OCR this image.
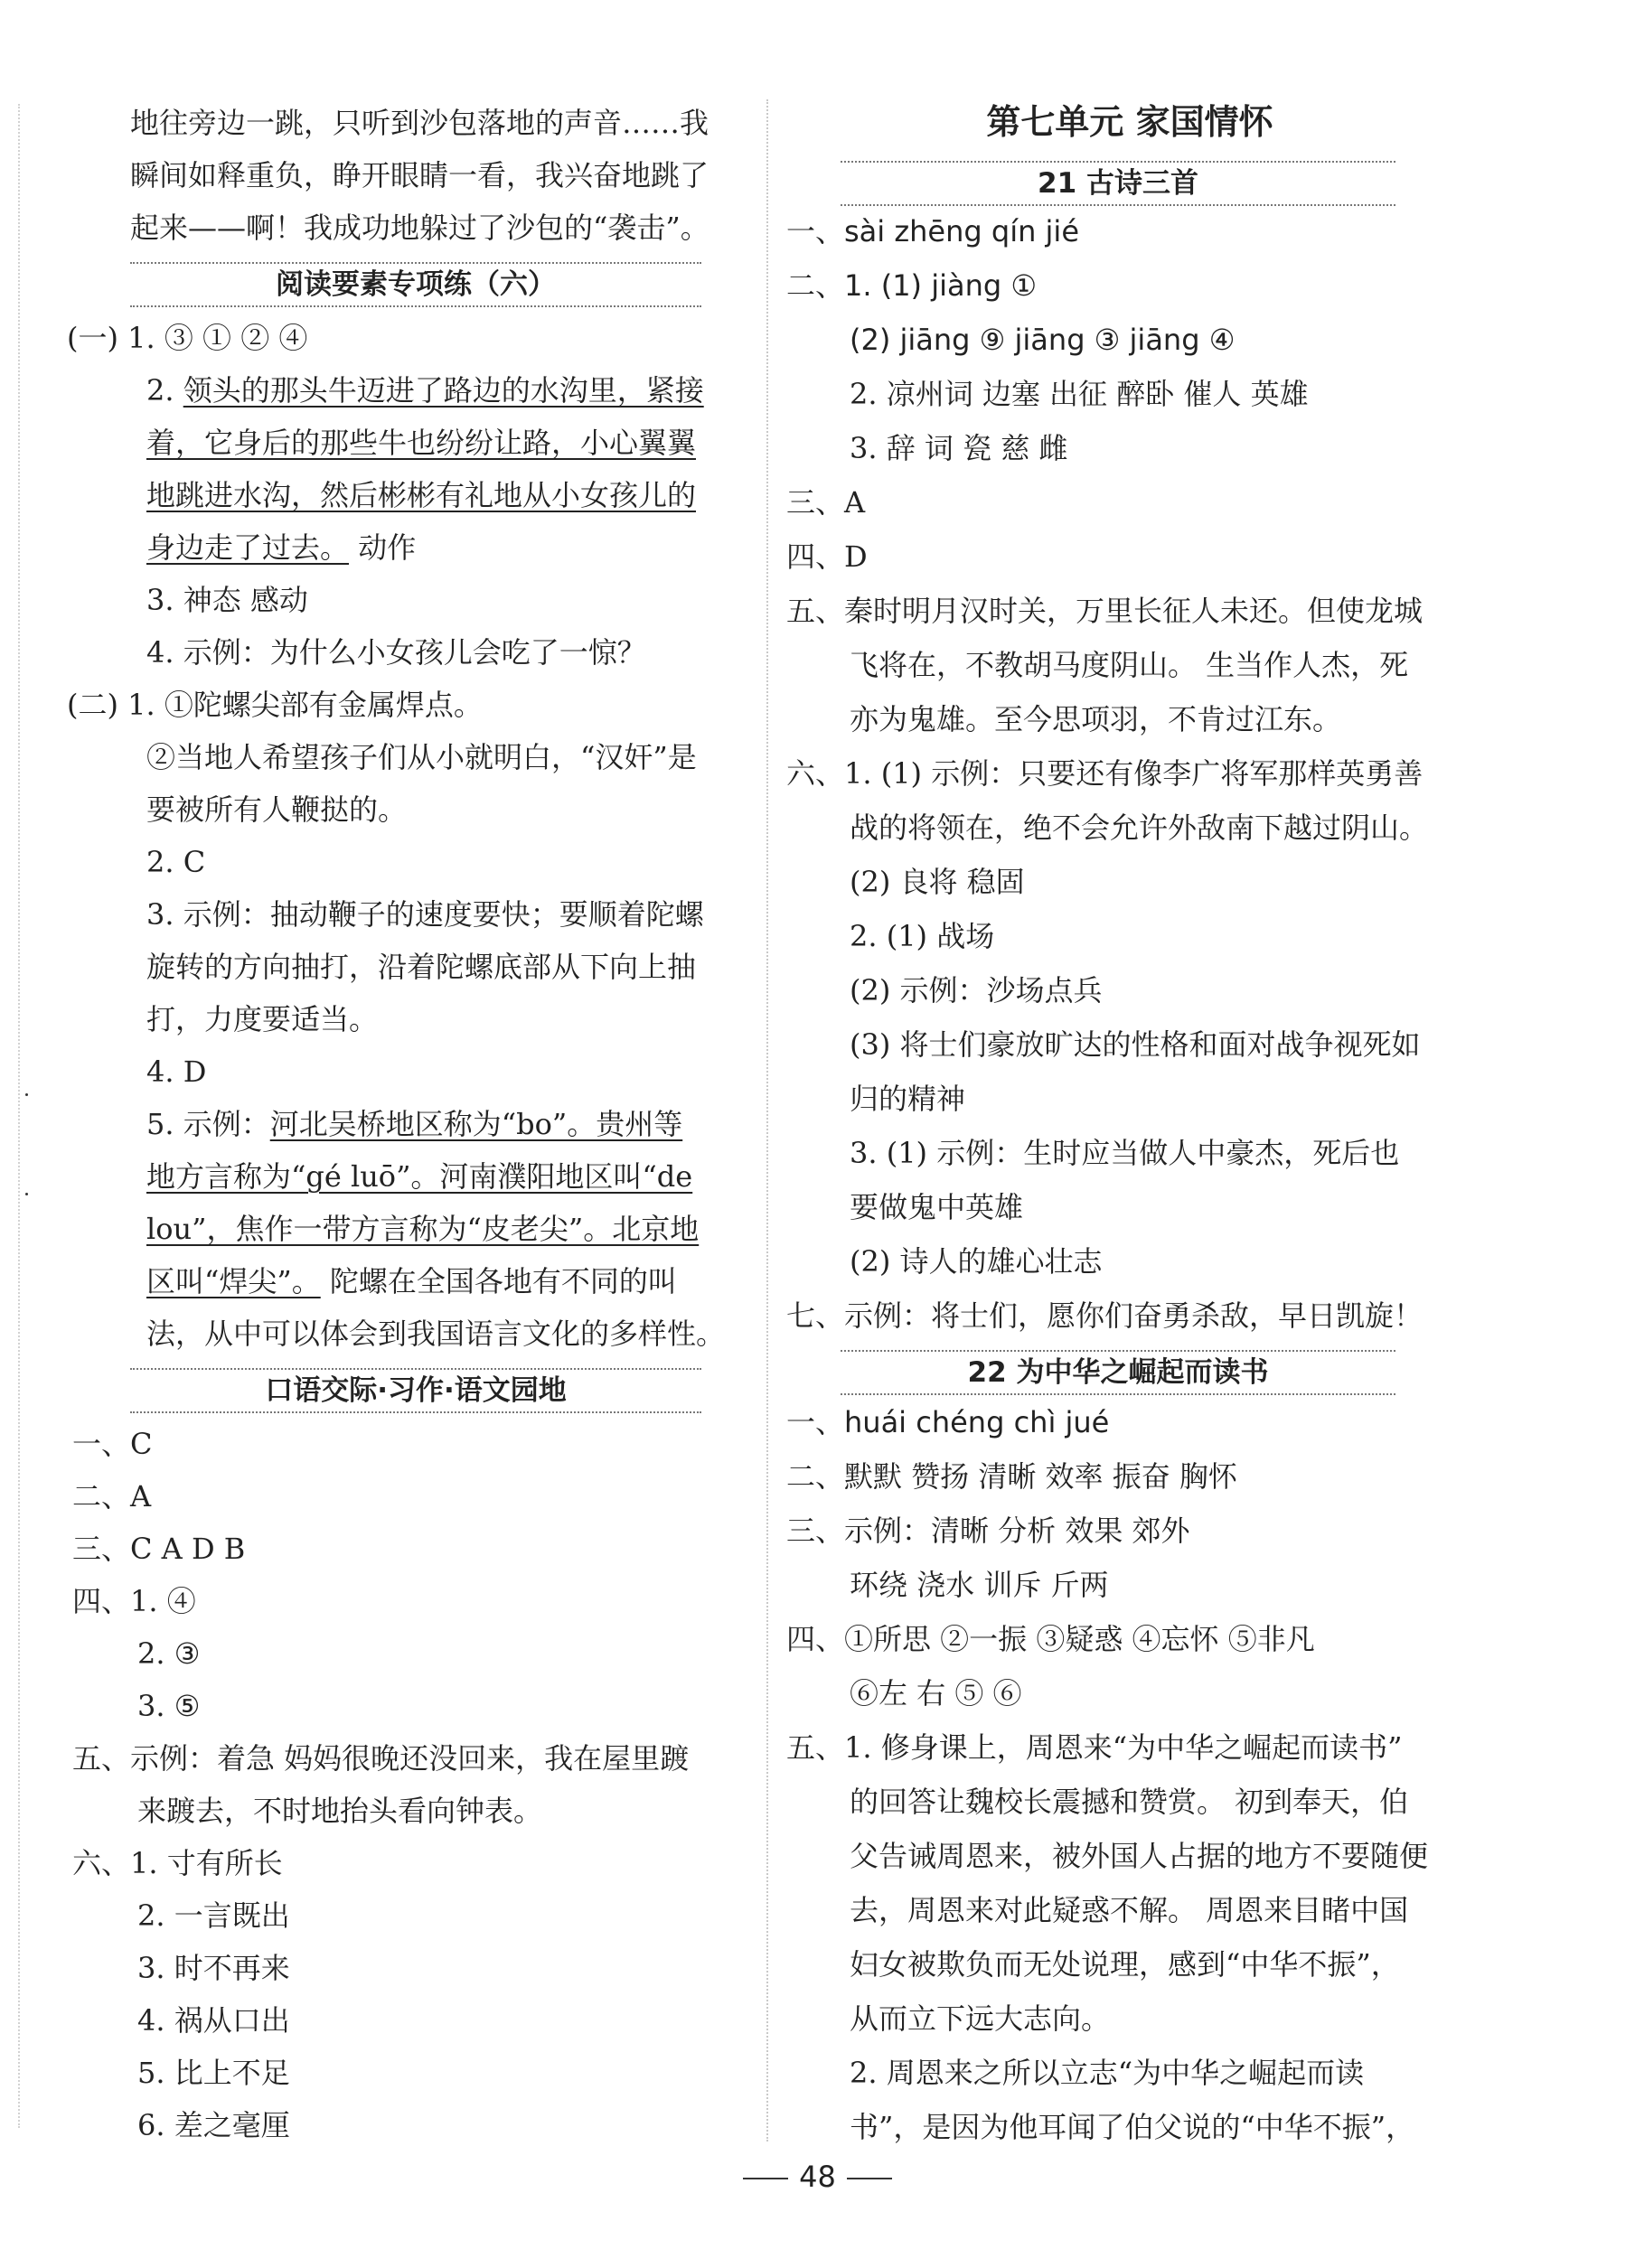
地往旁边一跳，只听到沙包落地的声音……我
瞬间如释重负，睁开眼睛一看，我兴奋地跳了
起来——啊！我成功地躲过了沙包的“袭击”。
阅读要素专项练（六）
(一) 1. ③ ① ② ④
2. 领头的那头牛迈进了路边的水沟里，紧接
着，它身后的那些牛也纷纷让路，小心翼翼
地跳进水沟，然后彬彬有礼地从小女孩儿的
身边走了过去。 动作
3. 神态 感动
4. 示例：为什么小女孩儿会吃了一惊？
(二) 1. ①陀螺尖部有金属焊点。
②当地人希望孩子们从小就明白，“汉奸”是
要被所有人鞭挞的。
2. C
3. 示例：抽动鞭子的速度要快；要顺着陀螺
旋转的方向抽打，沿着陀螺底部从下向上抽
打，力度要适当。
4. D
5. 示例：河北吴桥地区称为“bo”。贵州等
地方言称为“gé luō”。河南濮阳地区叫“de
lou”，焦作一带方言称为“皮老尖”。北京地
区叫“焊尖”。 陀螺在全国各地有不同的叫
法，从中可以体会到我国语言文化的多样性。
口语交际·习作·语文园地
一、C
二、A
三、C A D B
四、1. ④
2. ③
3. ⑤
五、示例：着急 妈妈很晚还没回来，我在屋里踱
来踱去，不时地抬头看向钟表。
六、1. 寸有所长
2. 一言既出
3. 时不再来
4. 祸从口出
5. 比上不足
6. 差之毫厘
第七单元 家国情怀
21 古诗三首
一、sài zhēng qín jié
二、1. (1) jiàng ①
(2) jiāng ⑨ jiāng ③ jiāng ④
2. 凉州词 边塞 出征 醉卧 催人 英雄
3. 辞 词 瓷 慈 雌
三、A
四、D
五、秦时明月汉时关，万里长征人未还。但使龙城
飞将在，不教胡马度阴山。 生当作人杰，死
亦为鬼雄。至今思项羽，不肯过江东。
六、1. (1) 示例：只要还有像李广将军那样英勇善
战的将领在，绝不会允许外敌南下越过阴山。
(2) 良将 稳固
2. (1) 战场
(2) 示例：沙场点兵
(3) 将士们豪放旷达的性格和面对战争视死如
归的精神
3. (1) 示例：生时应当做人中豪杰，死后也
要做鬼中英雄
(2) 诗人的雄心壮志
七、示例：将士们，愿你们奋勇杀敌，早日凯旋！
22 为中华之崛起而读书
一、huái chéng chì jué
二、默默 赞扬 清晰 效率 振奋 胸怀
三、示例：清晰 分析 效果 郊外
环绕 浇水 训斥 斤两
四、①所思 ②一振 ③疑惑 ④忘怀 ⑤非凡
⑥左 右 ⑤ ⑥
五、1. 修身课上，周恩来“为中华之崛起而读书”
的回答让魏校长震撼和赞赏。 初到奉天，伯
父告诫周恩来，被外国人占据的地方不要随便
去，周恩来对此疑惑不解。 周恩来目睹中国
妇女被欺负而无处说理，感到“中华不振”，
从而立下远大志向。
2. 周恩来之所以立志“为中华之崛起而读
书”，是因为他耳闻了伯父说的“中华不振”，
48
